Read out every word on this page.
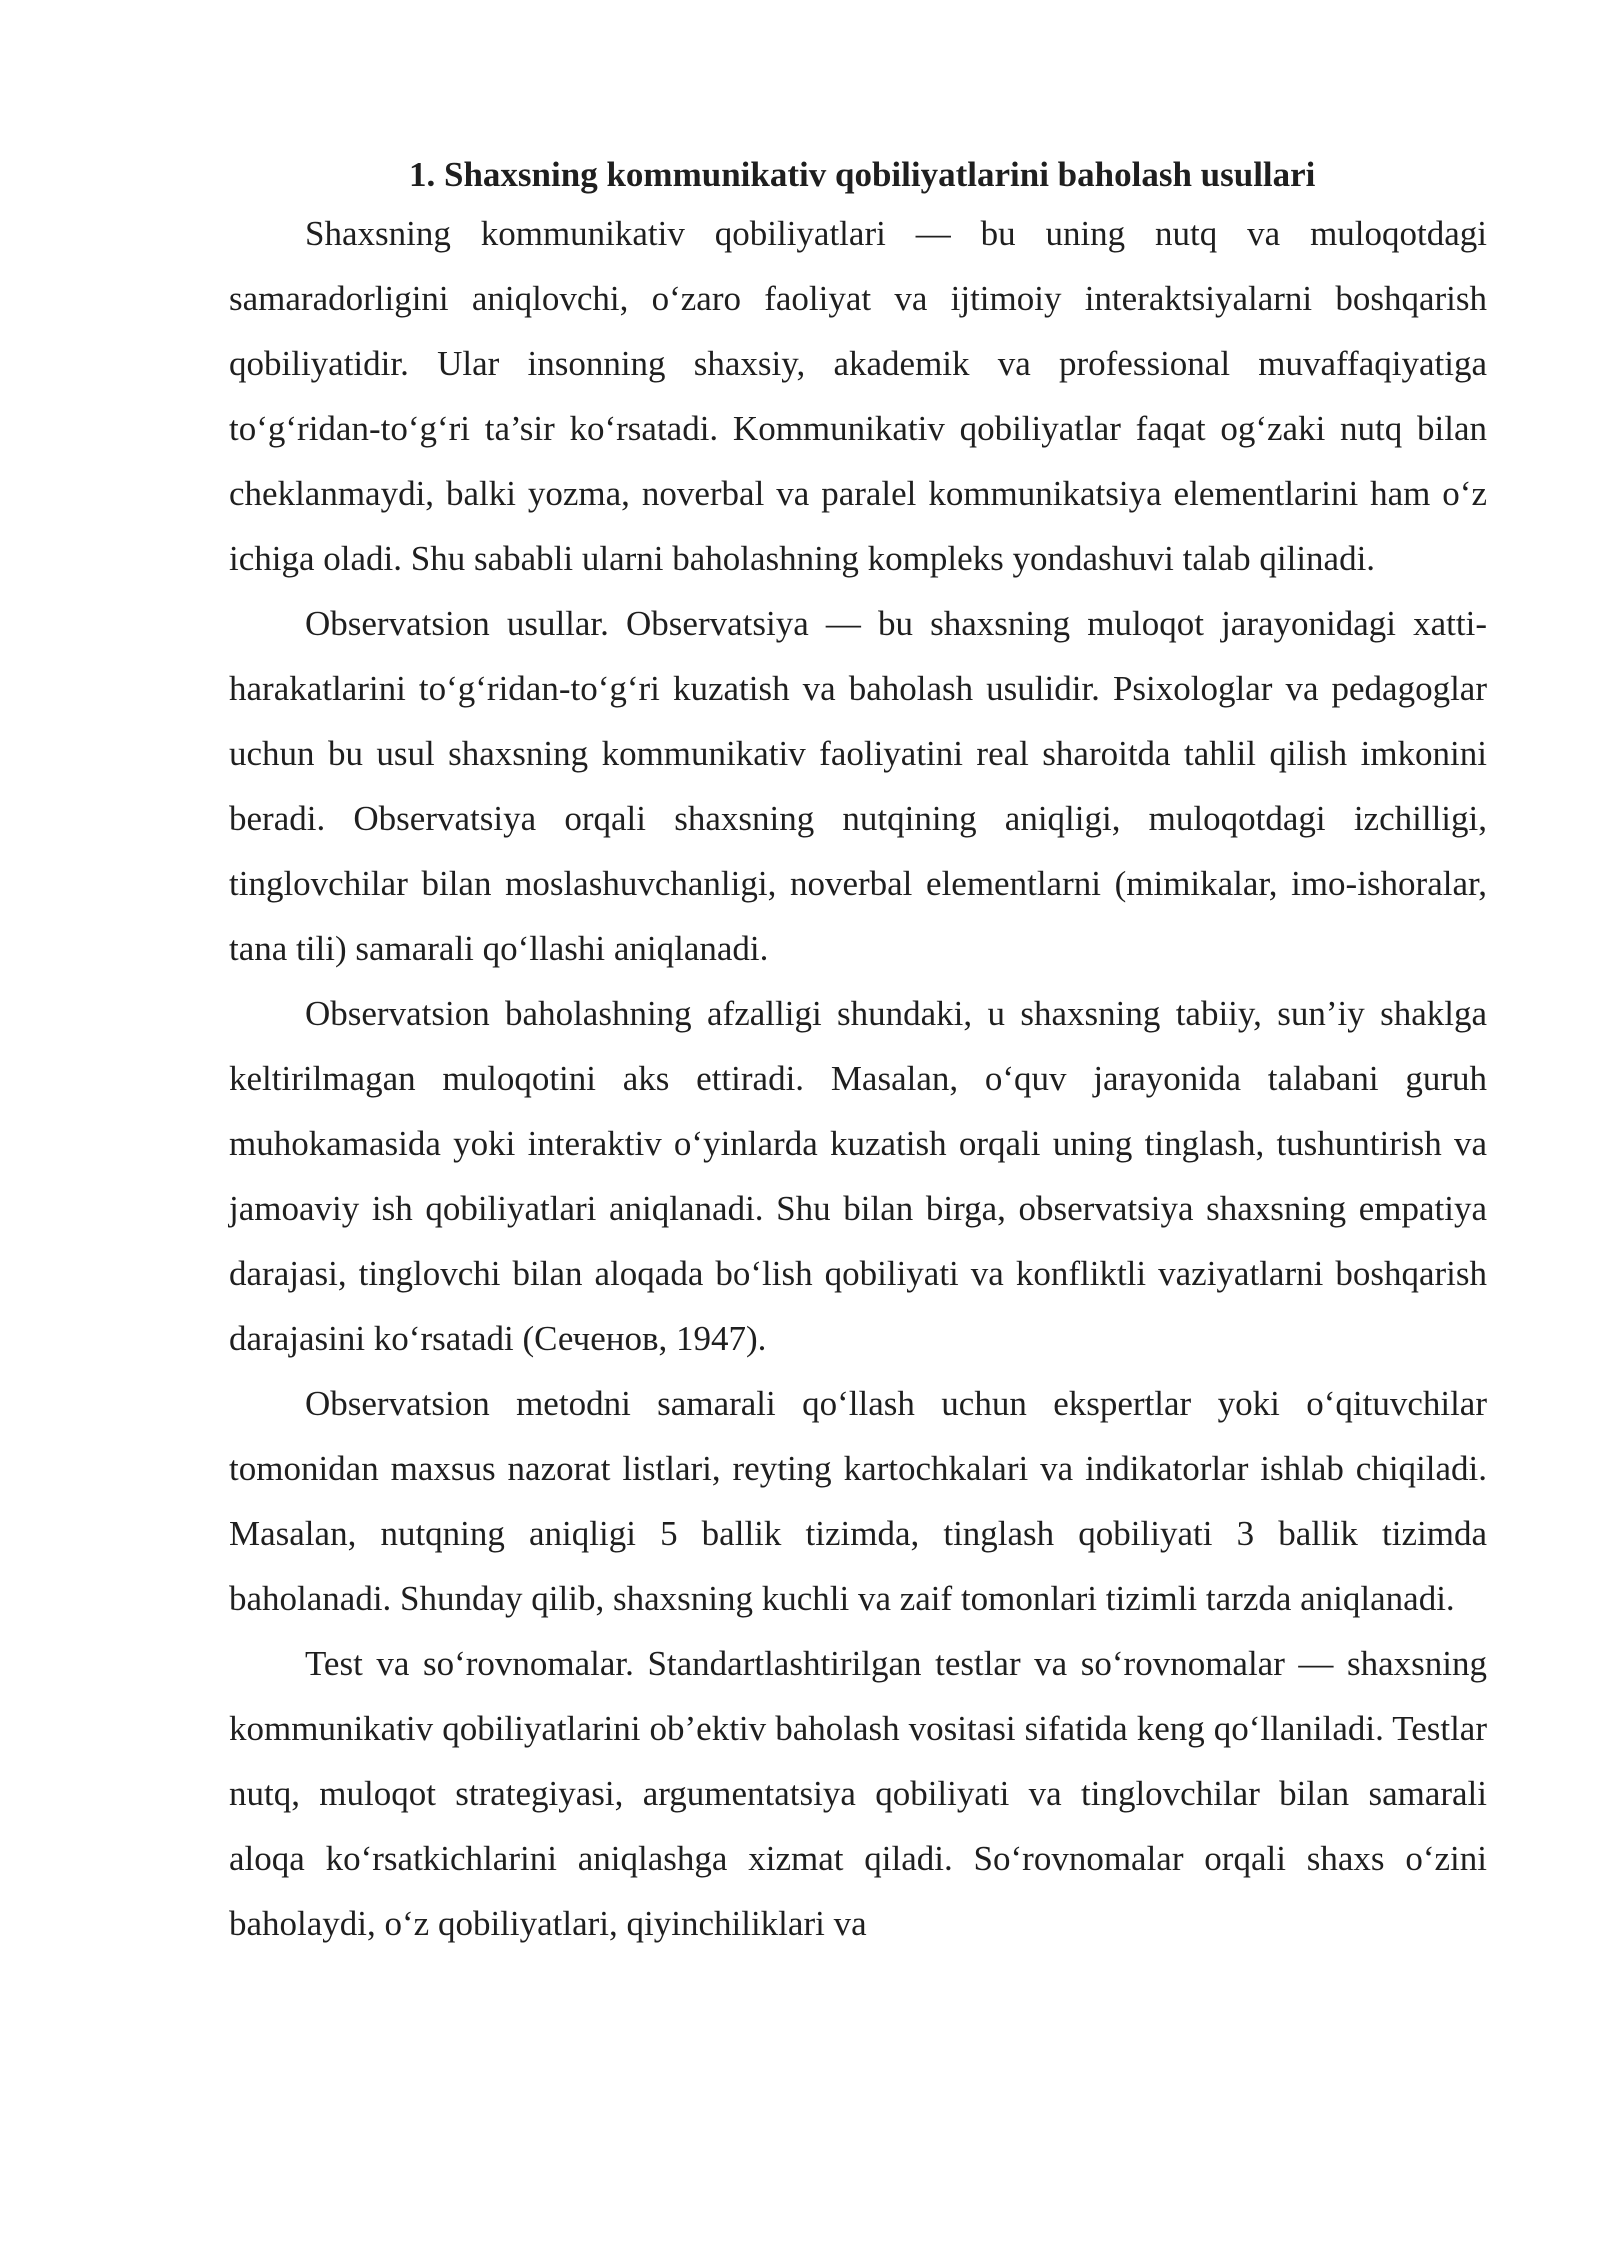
1. Shaxsning kommunikativ qobiliyatlarini baholash usullari

Shaxsning kommunikativ qobiliyatlari — bu uning nutq va muloqotdagi samaradorligini aniqlovchi, o‘zaro faoliyat va ijtimoiy interaktsiyalarni boshqarish qobiliyatidir. Ular insonning shaxsiy, akademik va professional muvaffaqiyatiga to‘g‘ridan-to‘g‘ri ta’sir ko‘rsatadi. Kommunikativ qobiliyatlar faqat og‘zaki nutq bilan cheklanmaydi, balki yozma, noverbal va paralel kommunikatsiya elementlarini ham o‘z ichiga oladi. Shu sababli ularni baholashning kompleks yondashuvi talab qilinadi.

Observatsion usullar. Observatsiya — bu shaxsning muloqot jarayonidagi xatti-harakatlarini to‘g‘ridan-to‘g‘ri kuzatish va baholash usulidir. Psixologlar va pedagoglar uchun bu usul shaxsning kommunikativ faoliyatini real sharoitda tahlil qilish imkonini beradi. Observatsiya orqali shaxsning nutqining aniqligi, muloqotdagi izchilligi, tinglovchilar bilan moslashuvchanligi, noverbal elementlarni (mimikalar, imo-ishoralar, tana tili) samarali qo‘llashi aniqlanadi.

Observatsion baholashning afzalligi shundaki, u shaxsning tabiiy, sun’iy shaklga keltirilmagan muloqotini aks ettiradi. Masalan, o‘quv jarayonida talabani guruh muhokamasida yoki interaktiv o‘yinlarda kuzatish orqali uning tinglash, tushuntirish va jamoaviy ish qobiliyatlari aniqlanadi. Shu bilan birga, observatsiya shaxsning empatiya darajasi, tinglovchi bilan aloqada bo‘lish qobiliyati va konfliktli vaziyatlarni boshqarish darajasini ko‘rsatadi (Сеченов, 1947).

Observatsion metodni samarali qo‘llash uchun ekspertlar yoki o‘qituvchilar tomonidan maxsus nazorat listlari, reyting kartochkalari va indikatorlar ishlab chiqiladi. Masalan, nutqning aniqligi 5 ballik tizimda, tinglash qobiliyati 3 ballik tizimda baholanadi. Shunday qilib, shaxsning kuchli va zaif tomonlari tizimli tarzda aniqlanadi.

Test va so‘rovnomalar. Standartlashtirilgan testlar va so‘rovnomalar — shaxsning kommunikativ qobiliyatlarini ob’ektiv baholash vositasi sifatida keng qo‘llaniladi. Testlar nutq, muloqot strategiyasi, argumentatsiya qobiliyati va tinglovchilar bilan samarali aloqa ko‘rsatkichlarini aniqlashga xizmat qiladi. So‘rovnomalar orqali shaxs o‘zini baholaydi, o‘z qobiliyatlari, qiyinchiliklari va
